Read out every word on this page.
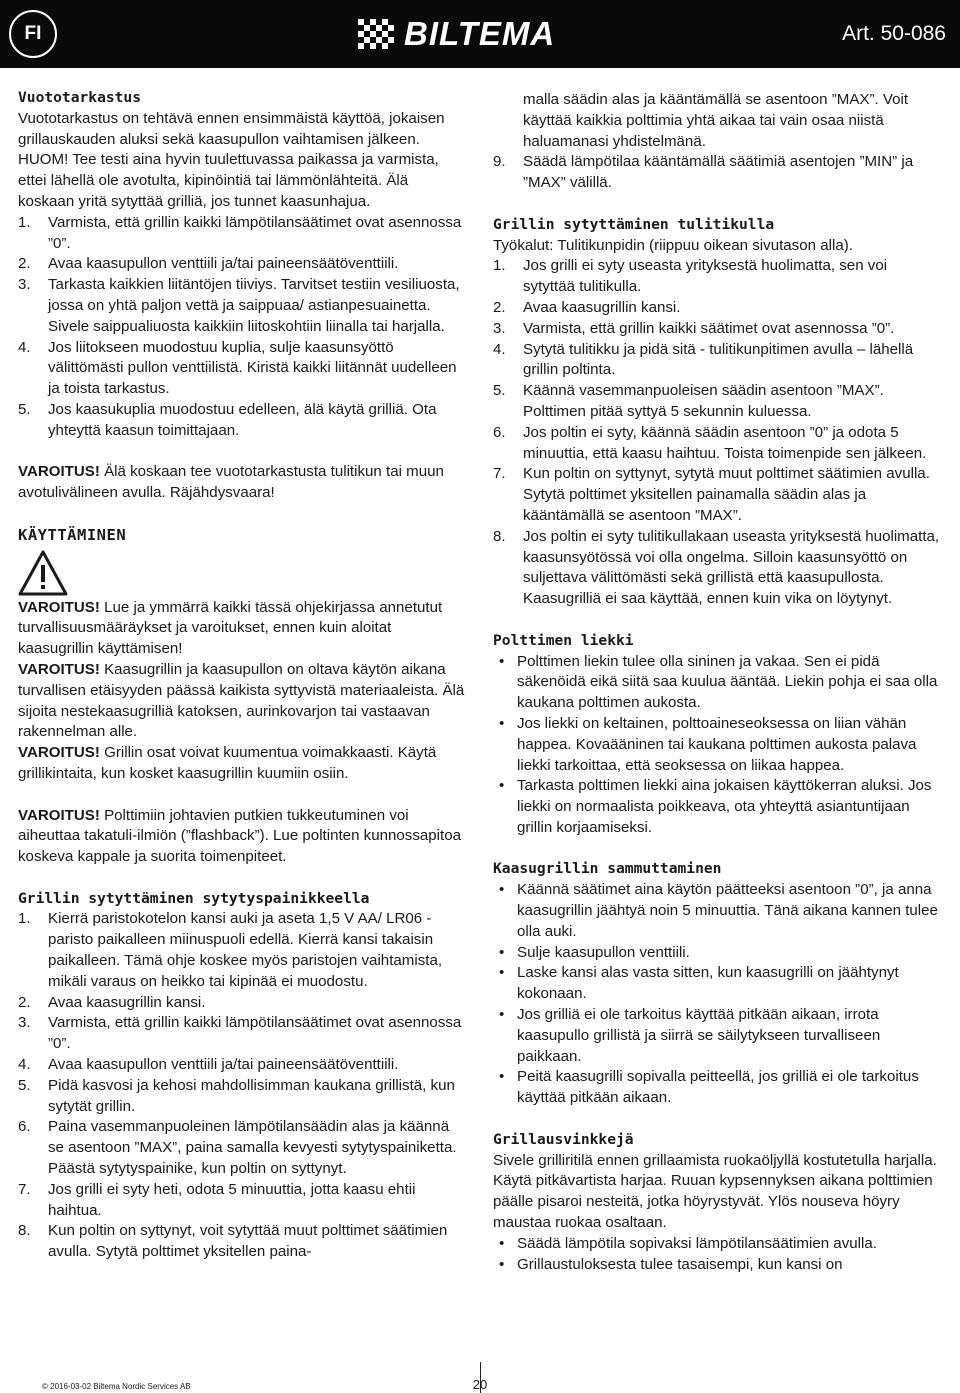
FI	BILTEMA	Art. 50-086

Vuototarkastus

Vuototarkastus on tehtävä ennen ensimmäistä käyttöä, jokaisen grillauskauden aluksi sekä kaasupullon vaihtamisen jälkeen.

HUOM! Tee testi aina hyvin tuulettuvassa paikassa ja varmista, ettei lähellä ole avotulta, kipinöintiä tai lämmönlähteitä. Älä koskaan yritä sytyttää grilliä, jos tunnet kaasunhajua.

1.	Varmista, että grillin kaikki lämpötilansäätimet ovat asennossa ”0”.
2.	Avaa kaasupullon venttiili ja/tai paineensäätöventtiili.
3.	Tarkasta kaikkien liitäntöjen tiiviys. Tarvitset testiin vesiliuosta, jossa on yhtä paljon vettä ja saippuaa/ astianpesuainetta. Sivele saippualiuosta kaikkiin liitoskohtiin liinalla tai harjalla.
4.	Jos liitokseen muodostuu kuplia, sulje kaasunsyöttö välittömästi pullon venttiilistä. Kiristä kaikki liitännät uudelleen ja toista tarkastus.
5.	Jos kaasukuplia muodostuu edelleen, älä käytä grilliä. Ota yhteyttä kaasun toimittajaan.

VAROITUS! Älä koskaan tee vuototarkastusta tulitikun tai muun avotulivälineen avulla. Räjähdysvaara!

KÄYTTÄMINEN

VAROITUS! Lue ja ymmärrä kaikki tässä ohjekirjassa annetutut turvallisuusmääräykset ja varoitukset, ennen kuin aloitat kaasugrillin käyttämisen!

VAROITUS! Kaasugrillin ja kaasupullon on oltava käytön aikana turvallisen etäisyyden päässä kaikista syttyvistä materiaaleista. Älä sijoita nestekaasugrilliä katoksen, aurinkovarjon tai vastaavan rakennelman alle.

VAROITUS! Grillin osat voivat kuumentua voimakkaasti. Käytä grillikintaita, kun kosket kaasugrillin kuumiin osiin.

VAROITUS! Polttimiin johtavien putkien tukkeutuminen voi aiheuttaa takatuli-ilmiön (”flashback”). Lue poltinten kunnossapitoa koskeva kappale ja suorita toimenpiteet.

Grillin sytyttäminen sytytyspainikkeella

1.	Kierrä paristokotelon kansi auki ja aseta 1,5 V AA/ LR06 -paristo paikalleen miinuspuoli edellä. Kierrä kansi takaisin paikalleen. Tämä ohje koskee myös paristojen vaihtamista, mikäli varaus on heikko tai kipinää ei muodostu.
2.	Avaa kaasugrillin kansi.
3.	Varmista, että grillin kaikki lämpötilansäätimet ovat asennossa ”0”.
4.	Avaa kaasupullon venttiili ja/tai paineensäätöventtiili.
5.	Pidä kasvosi ja kehosi mahdollisimman kaukana grillistä, kun sytytät grillin.
6.	Paina vasemmanpuoleinen lämpötilansäädin alas ja käännä se asentoon ”MAX”, paina samalla kevyesti sytytyspainiketta. Päästä sytytyspainike, kun poltin on syttynyt.
7.	Jos grilli ei syty heti, odota 5 minuuttia, jotta kaasu ehtii haihtua.
8.	Kun poltin on syttynyt, voit sytyttää muut polttimet säätimien avulla. Sytytä polttimet yksitellen paina-
malla säädin alas ja kääntämällä se asentoon ”MAX”. Voit käyttää kaikkia polttimia yhtä aikaa tai vain osaa niistä haluamanasi yhdistelmänä.
9.	Säädä lämpötilaa kääntämällä säätimiä asentojen ”MIN” ja ”MAX” välillä.

Grillin sytyttäminen tulitikulla

Työkalut: Tulitikunpidin (riippuu oikean sivutason alla).

1.	Jos grilli ei syty useasta yrityksestä huolimatta, sen voi sytyttää tulitikulla.
2.	Avaa kaasugrillin kansi.
3.	Varmista, että grillin kaikki säätimet ovat asennossa ”0”.
4.	Sytytä tulitikku ja pidä sitä - tulitikunpitimen avulla – lähellä grillin poltinta.
5.	Käännä vasemmanpuoleisen säädin asentoon ”MAX”. Polttimen pitää syttyä 5 sekunnin kuluessa.
6.	Jos poltin ei syty, käännä säädin asentoon ”0” ja odota 5 minuuttia, että kaasu haihtuu. Toista toimenpide sen jälkeen.
7.	Kun poltin on syttynyt, sytytä muut polttimet säätimien avulla. Sytytä polttimet yksitellen painamalla säädin alas ja kääntämällä se asentoon ”MAX”.
8.	Jos poltin ei syty tulitikullakaan useasta yrityksestä huolimatta, kaasunsyötössä voi olla ongelma. Silloin kaasunsyöttö on suljettava välittömästi sekä grillistä että kaasupullosta. Kaasugrilliä ei saa käyttää, ennen kuin vika on löytynyt.

Polttimen liekki

• Polttimen liekin tulee olla sininen ja vakaa. Sen ei pidä säkenöidä eikä siitä saa kuulua ääntää. Liekin pohja ei saa olla kaukana polttimen aukosta.
• Jos liekki on keltainen, polttoaineseoksessa on liian vähän happea. Kovaääninen tai kaukana polttimen aukosta palava liekki tarkoittaa, että seoksessa on liikaa happea.
• Tarkasta polttimen liekki aina jokaisen käyttökerran aluksi. Jos liekki on normaalista poikkeava, ota yhteyttä asiantuntijaan grillin korjaamiseksi.

Kaasugrillin sammuttaminen

• Käännä säätimet aina käytön päätteeksi asentoon ”0”, ja anna kaasugrillin jäähtyä noin 5 minuuttia. Tänä aikana kannen tulee olla auki.
• Sulje kaasupullon venttiili.
• Laske kansi alas vasta sitten, kun kaasugrilli on jäähtynyt kokonaan.
• Jos grilliä ei ole tarkoitus käyttää pitkään aikaan, irrota kaasupullo grillistä ja siirrä se säilytykseen turvalliseen paikkaan.
• Peitä kaasugrilli sopivalla peitteellä, jos grilliä ei ole tarkoitus käyttää pitkään aikaan.

Grillausvinkkejä

Sivele grilliritilä ennen grillaamista ruokaöljyllä kostutetulla harjalla. Käytä pitkävartista harjaa. Ruuan kypsennyksen aikana polttimien päälle pisaroi nesteitä, jotka höyrystyvät. Ylös nouseva höyry maustaa ruokaa osaltaan.

• Säädä lämpötila sopivaksi lämpötilansäätimien avulla.
• Grillaustuloksesta tulee tasaisempi, kun kansi on
© 2016-03-02 Biltema Nordic Services AB	20
